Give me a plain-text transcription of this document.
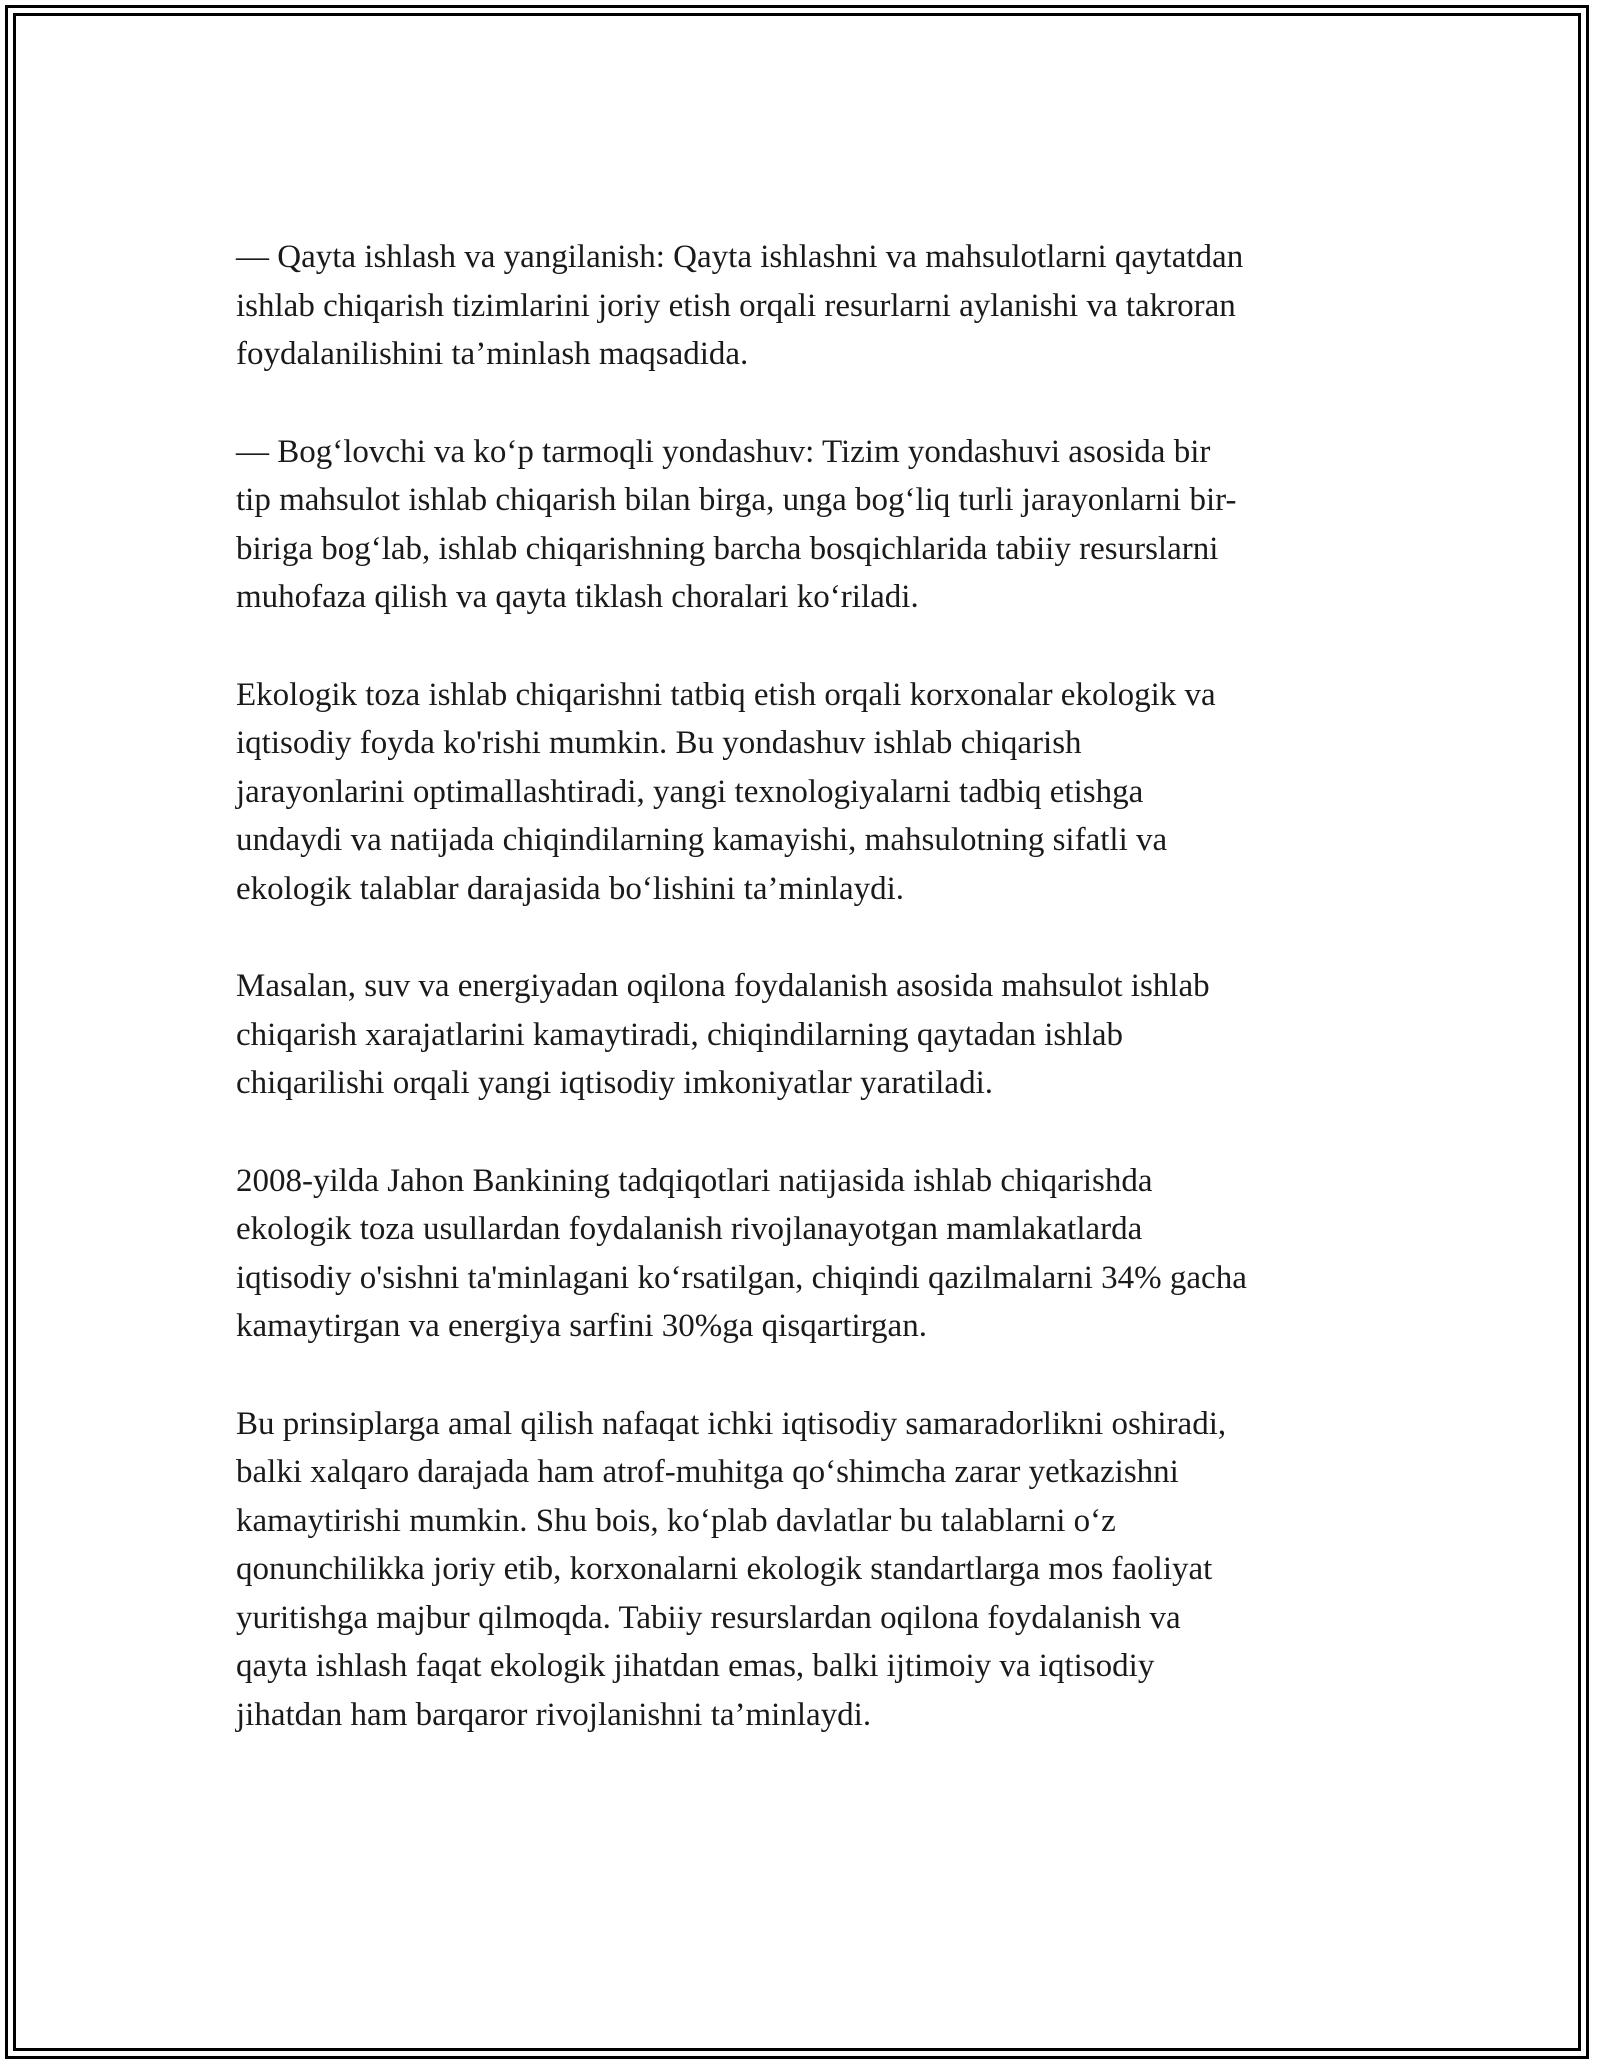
— Qayta ishlash va yangilanish: Qayta ishlashni va mahsulotlarni qaytatdan
ishlab chiqarish tizimlarini joriy etish orqali resurlarni aylanishi va takroran
foydalanilishini ta’minlash maqsadida.

— Bog‘lovchi va ko‘p tarmoqli yondashuv: Tizim yondashuvi asosida bir
tip mahsulot ishlab chiqarish bilan birga, unga bog‘liq turli jarayonlarni bir-
biriga bog‘lab, ishlab chiqarishning barcha bosqichlarida tabiiy resurslarni
muhofaza qilish va qayta tiklash choralari ko‘riladi.

Ekologik toza ishlab chiqarishni tatbiq etish orqali korxonalar ekologik va
iqtisodiy foyda ko'rishi mumkin. Bu yondashuv ishlab chiqarish
jarayonlarini optimallashtiradi, yangi texnologiyalarni tadbiq etishga
undaydi va natijada chiqindilarning kamayishi, mahsulotning sifatli va
ekologik talablar darajasida bo‘lishini ta’minlaydi.

Masalan, suv va energiyadan oqilona foydalanish asosida mahsulot ishlab
chiqarish xarajatlarini kamaytiradi, chiqindilarning qaytadan ishlab
chiqarilishi orqali yangi iqtisodiy imkoniyatlar yaratiladi.

2008-yilda Jahon Bankining tadqiqotlari natijasida ishlab chiqarishda
ekologik toza usullardan foydalanish rivojlanayotgan mamlakatlarda
iqtisodiy o'sishni ta'minlagani ko‘rsatilgan, chiqindi qazilmalarni 34% gacha
kamaytirgan va energiya sarfini 30%ga qisqartirgan.

Bu prinsiplarga amal qilish nafaqat ichki iqtisodiy samaradorlikni oshiradi,
balki xalqaro darajada ham atrof-muhitga qo‘shimcha zarar yetkazishni
kamaytirishi mumkin. Shu bois, ko‘plab davlatlar bu talablarni o‘z
qonunchilikka joriy etib, korxonalarni ekologik standartlarga mos faoliyat
yuritishga majbur qilmoqda. Tabiiy resurslardan oqilona foydalanish va
qayta ishlash faqat ekologik jihatdan emas, balki ijtimoiy va iqtisodiy
jihatdan ham barqaror rivojlanishni ta’minlaydi.
